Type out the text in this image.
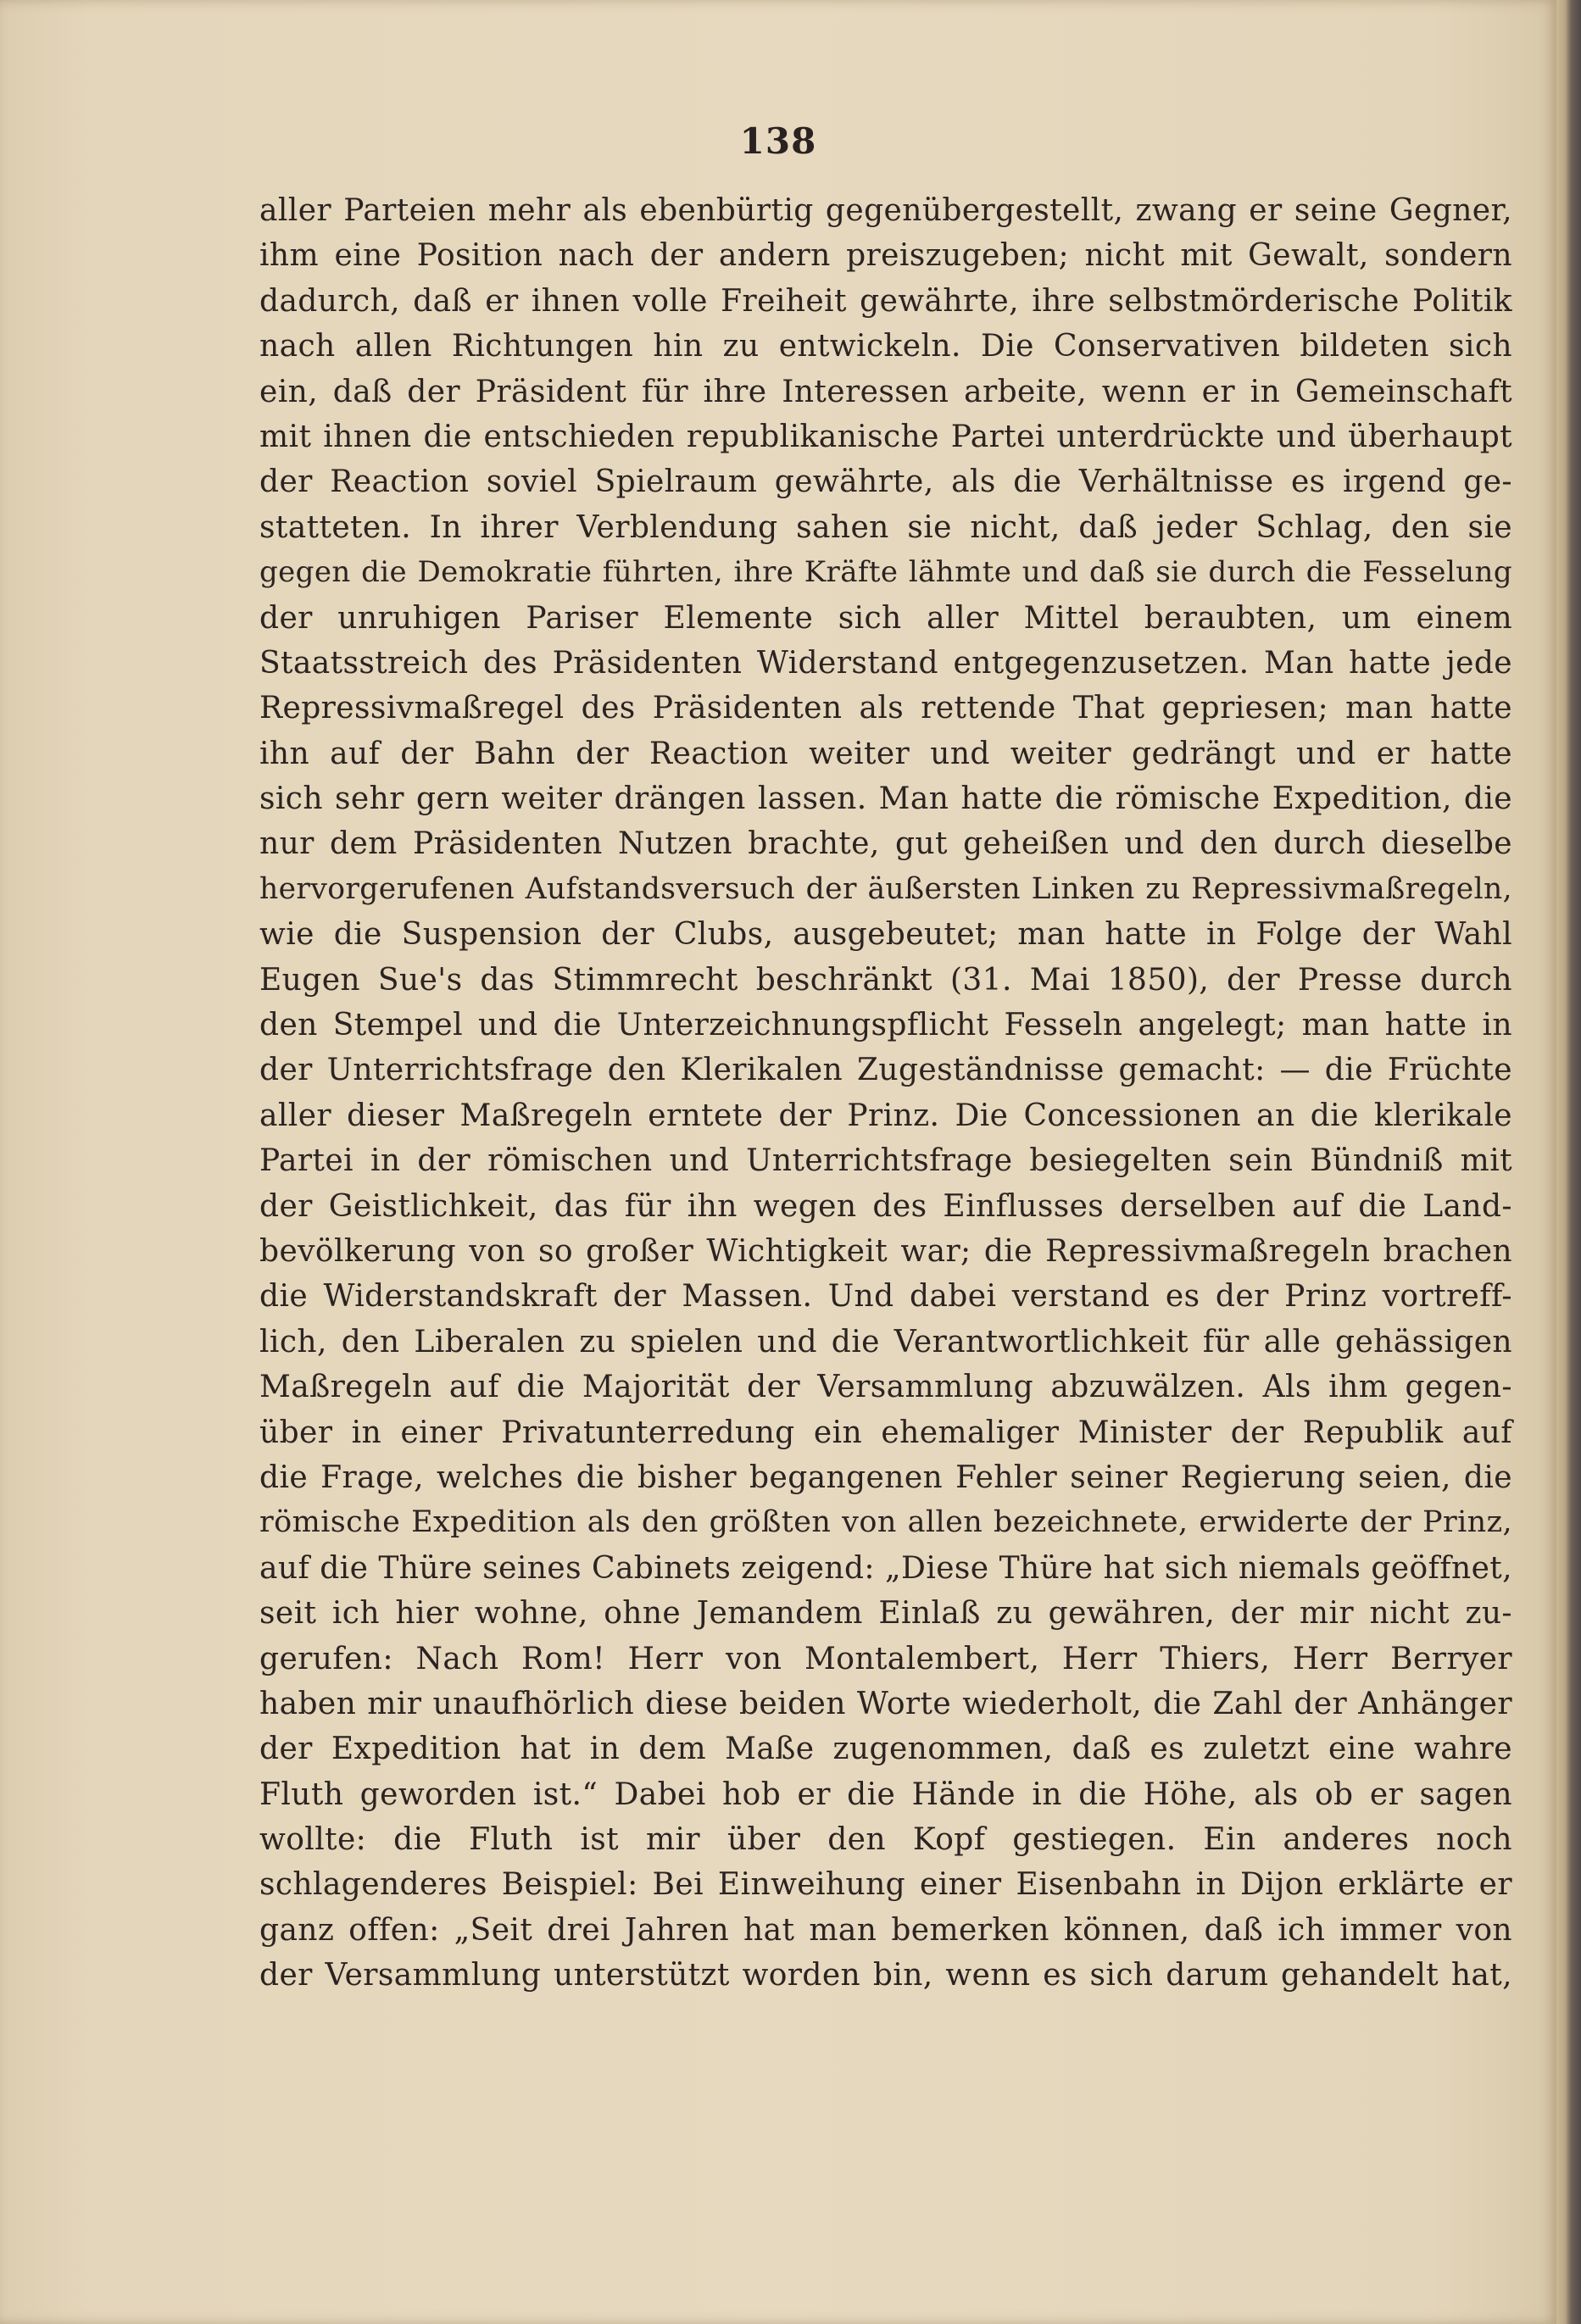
138
aller Parteien mehr als ebenbürtig gegenübergestellt, zwang er seine Gegner,
ihm eine Position nach der andern preiszugeben; nicht mit Gewalt, sondern
dadurch, daß er ihnen volle Freiheit gewährte, ihre selbstmörderische Politik
nach allen Richtungen hin zu entwickeln. Die Conservativen bildeten sich
ein, daß der Präsident für ihre Interessen arbeite, wenn er in Gemeinschaft
mit ihnen die entschieden republikanische Partei unterdrückte und überhaupt
der Reaction soviel Spielraum gewährte, als die Verhältnisse es irgend ge-
statteten. In ihrer Verblendung sahen sie nicht, daß jeder Schlag, den sie
gegen die Demokratie führten, ihre Kräfte lähmte und daß sie durch die Fesselung
der unruhigen Pariser Elemente sich aller Mittel beraubten, um einem
Staatsstreich des Präsidenten Widerstand entgegenzusetzen. Man hatte jede
Repressivmaßregel des Präsidenten als rettende That gepriesen; man hatte
ihn auf der Bahn der Reaction weiter und weiter gedrängt und er hatte
sich sehr gern weiter drängen lassen. Man hatte die römische Expedition, die
nur dem Präsidenten Nutzen brachte, gut geheißen und den durch dieselbe
hervorgerufenen Aufstandsversuch der äußersten Linken zu Repressivmaßregeln,
wie die Suspension der Clubs, ausgebeutet; man hatte in Folge der Wahl
Eugen Sue's das Stimmrecht beschränkt (31. Mai 1850), der Presse durch
den Stempel und die Unterzeichnungspflicht Fesseln angelegt; man hatte in
der Unterrichtsfrage den Klerikalen Zugeständnisse gemacht: — die Früchte
aller dieser Maßregeln erntete der Prinz. Die Concessionen an die klerikale
Partei in der römischen und Unterrichtsfrage besiegelten sein Bündniß mit
der Geistlichkeit, das für ihn wegen des Einflusses derselben auf die Land-
bevölkerung von so großer Wichtigkeit war; die Repressivmaßregeln brachen
die Widerstandskraft der Massen. Und dabei verstand es der Prinz vortreff-
lich, den Liberalen zu spielen und die Verantwortlichkeit für alle gehässigen
Maßregeln auf die Majorität der Versammlung abzuwälzen. Als ihm gegen-
über in einer Privatunterredung ein ehemaliger Minister der Republik auf
die Frage, welches die bisher begangenen Fehler seiner Regierung seien, die
römische Expedition als den größten von allen bezeichnete, erwiderte der Prinz,
auf die Thüre seines Cabinets zeigend: „Diese Thüre hat sich niemals geöffnet,
seit ich hier wohne, ohne Jemandem Einlaß zu gewähren, der mir nicht zu-
gerufen: Nach Rom! Herr von Montalembert, Herr Thiers, Herr Berryer
haben mir unaufhörlich diese beiden Worte wiederholt, die Zahl der Anhänger
der Expedition hat in dem Maße zugenommen, daß es zuletzt eine wahre
Fluth geworden ist.“ Dabei hob er die Hände in die Höhe, als ob er sagen
wollte: die Fluth ist mir über den Kopf gestiegen. Ein anderes noch
schlagenderes Beispiel: Bei Einweihung einer Eisenbahn in Dijon erklärte er
ganz offen: „Seit drei Jahren hat man bemerken können, daß ich immer von
der Versammlung unterstützt worden bin, wenn es sich darum gehandelt hat,
